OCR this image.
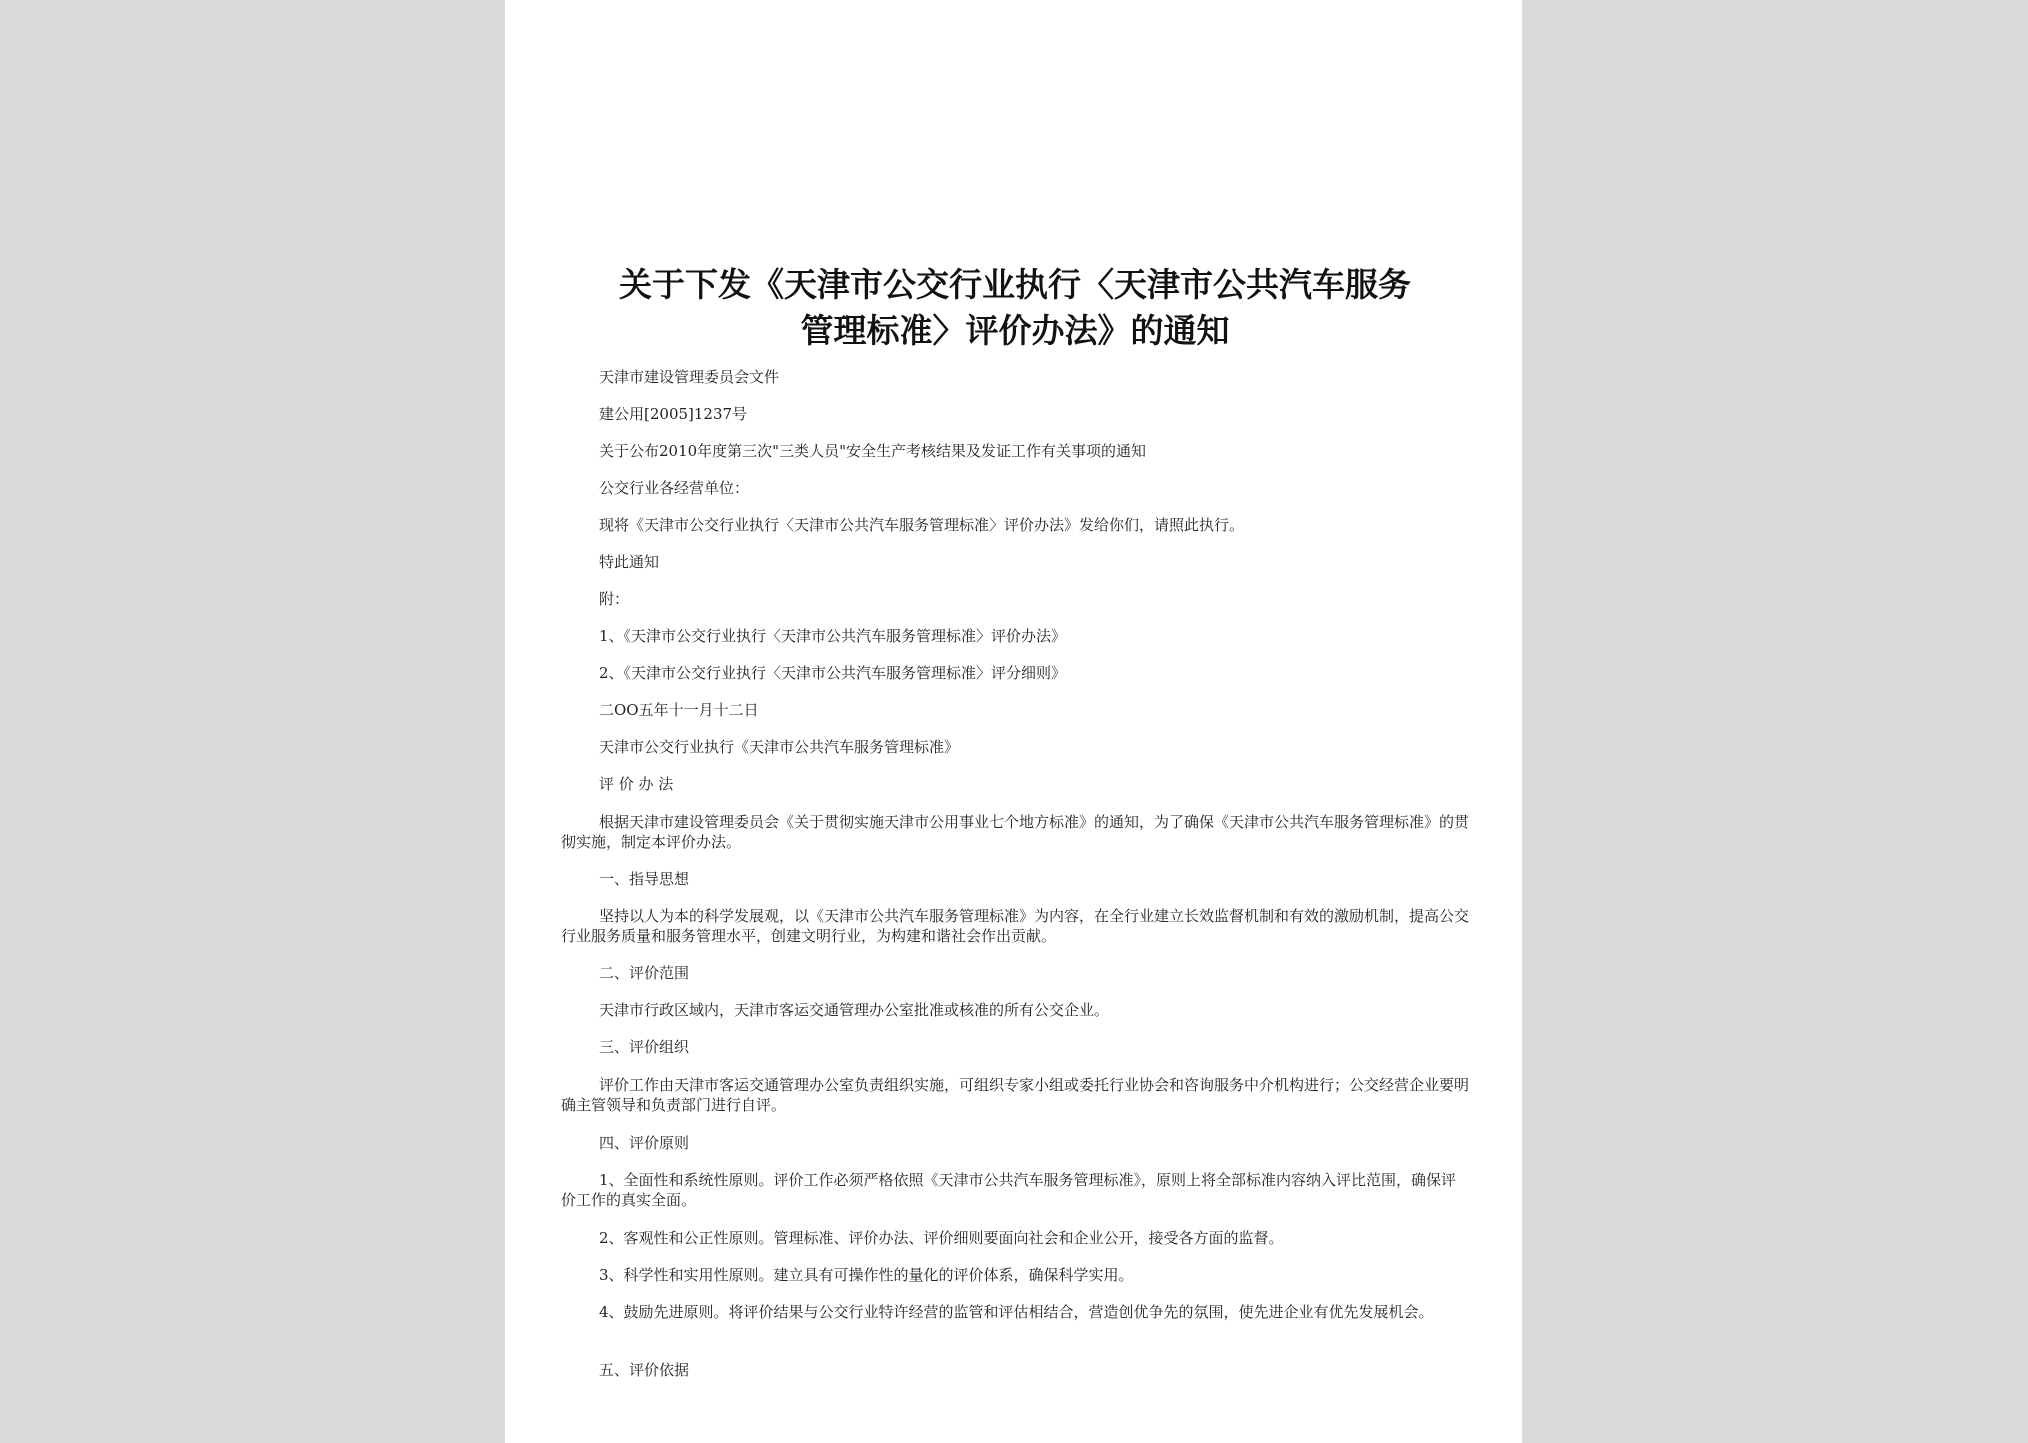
关于下发《天津市公交行业执行〈天津市公共汽车服务
管理标准〉评价办法》的通知
天津市建设管理委员会文件
建公用[2005]1237号
关于公布2010年度第三次"三类人员"安全生产考核结果及发证工作有关事项的通知
公交行业各经营单位：
现将《天津市公交行业执行〈天津市公共汽车服务管理标准〉评价办法》发给你们，请照此执行。
特此通知
附：
1、《天津市公交行业执行〈天津市公共汽车服务管理标准〉评价办法》
2、《天津市公交行业执行〈天津市公共汽车服务管理标准〉评分细则》
二OO五年十一月十二日
天津市公交行业执行《天津市公共汽车服务管理标准》
评 价 办 法
根据天津市建设管理委员会《关于贯彻实施天津市公用事业七个地方标准》的通知，为了确保《天津市公共汽车服务管理标准》的贯彻实施，制定本评价办法。
一、指导思想
坚持以人为本的科学发展观，以《天津市公共汽车服务管理标准》为内容，在全行业建立长效监督机制和有效的激励机制，提高公交行业服务质量和服务管理水平，创建文明行业，为构建和谐社会作出贡献。
二、评价范围
天津市行政区域内，天津市客运交通管理办公室批准或核准的所有公交企业。
三、评价组织
评价工作由天津市客运交通管理办公室负责组织实施，可组织专家小组或委托行业协会和咨询服务中介机构进行；公交经营企业要明确主管领导和负责部门进行自评。
四、评价原则
1、全面性和系统性原则。评价工作必须严格依照《天津市公共汽车服务管理标准》，原则上将全部标准内容纳入评比范围，确保评价工作的真实全面。
2、客观性和公正性原则。管理标准、评价办法、评价细则要面向社会和企业公开，接受各方面的监督。
3、科学性和实用性原则。建立具有可操作性的量化的评价体系，确保科学实用。
4、鼓励先进原则。将评价结果与公交行业特许经营的监管和评估相结合，营造创优争先的氛围，使先进企业有优先发展机会。
五、评价依据
